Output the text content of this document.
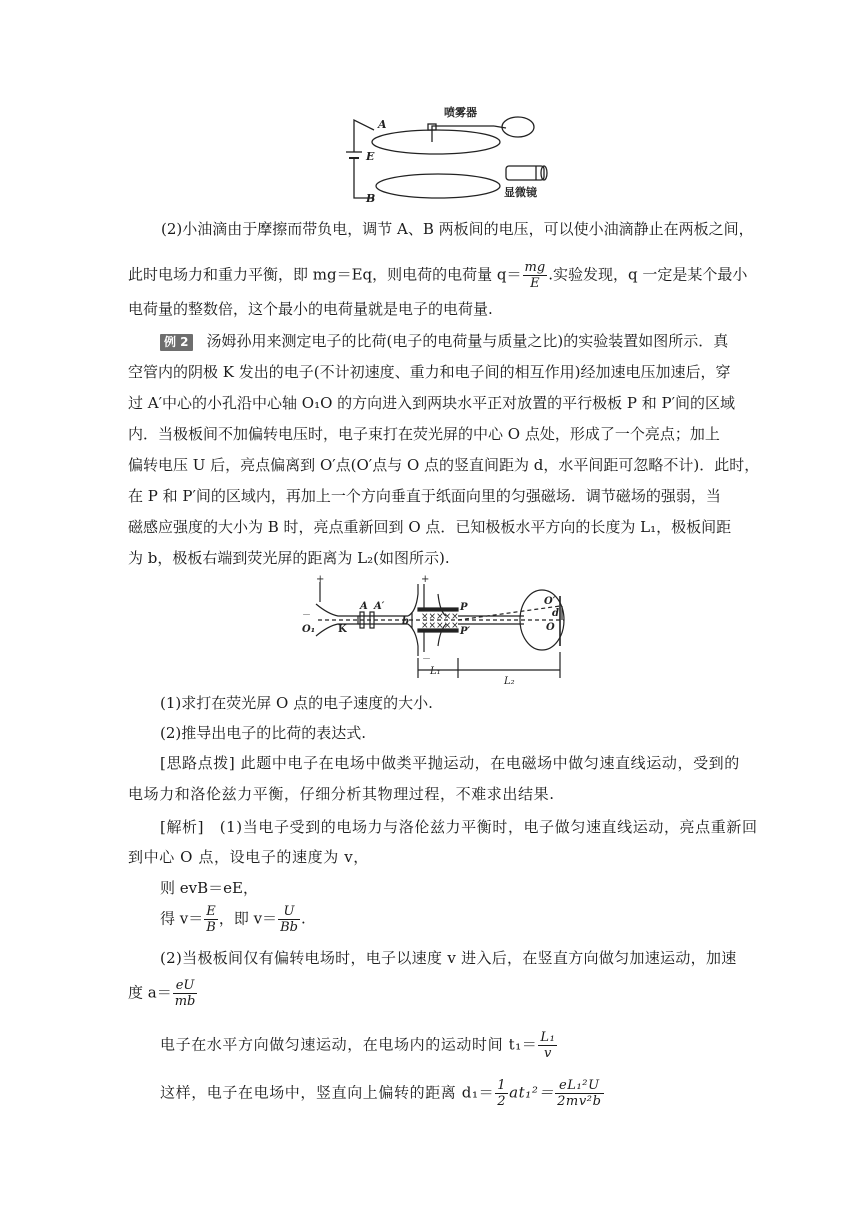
喷雾器
显微镜
A
B
E
(2)小油滴由于摩擦而带负电，调节 A、B 两板间的电压，可以使小油滴静止在两板之间，
此时电场力和重力平衡，即 mg＝Eq，则电荷的电荷量 $q= \frac{mg}{E}$ .实验发现，q 一定是某个最小
电荷量的整数倍，这个最小的电荷量就是电子的电荷量.
例 2 汤姆孙用来测定电子的比荷(电子的电荷量与质量之比)的实验装置如图所示．真
空管内的阴极 K 发出的电子(不计初速度、重力和电子间的相互作用)经加速电压加速后，穿
过 A′中心的小孔沿中心轴 O₁O 的方向进入到两块水平正对放置的平行极板 P 和 P′间的区域
内．当极板间不加偏转电压时，电子束打在荧光屏的中心 O 点处，形成了一个亮点；加上
偏转电压 U 后，亮点偏离到 O′点(O′点与 O 点的竖直间距为 d，水平间距可忽略不计)．此时，
在 P 和 P′间的区域内，再加上一个方向垂直于纸面向里的匀强磁场．调节磁场的强弱，当
磁感应强度的大小为 B 时，亮点重新回到 O 点．已知极板水平方向的长度为 L₁，极板间距
为 b，极板右端到荧光屏的距离为 L₂(如图所示).
×××××
×××××
+	+
－
－
O₁ K
A A′	P
P′
b
O′
d
O
L₁
L₂
(1)求打在荧光屏 O 点的电子速度的大小.
(2)推导出电子的比荷的表达式.
[思路点拨] 此题中电子在电场中做类平抛运动，在电磁场中做匀速直线运动，受到的
电场力和洛伦兹力平衡，仔细分析其物理过程，不难求出结果.
[解析]　(1)当电子受到的电场力与洛伦兹力平衡时，电子做匀速直线运动，亮点重新回
到中心 O 点，设电子的速度为 v，
则 evB＝eE，
得 $v= \frac{E}{B}$ ，即 $v= \frac{U}{Bb}$ .
(2)当极板间仅有偏转电场时，电子以速度 v 进入后，在竖直方向做匀加速运动，加速
度 $a= \frac{eU}{mb}$
电子在水平方向做匀速运动，在电场内的运动时间 $t_1= \frac{\text{L₁}}{v}$
这样，电子在电场中，竖直向上偏转的距离 $d_1= \frac{1}{2} at_1^2= \frac{\text{eL₁²U}}{\text{2mv²b}}$
